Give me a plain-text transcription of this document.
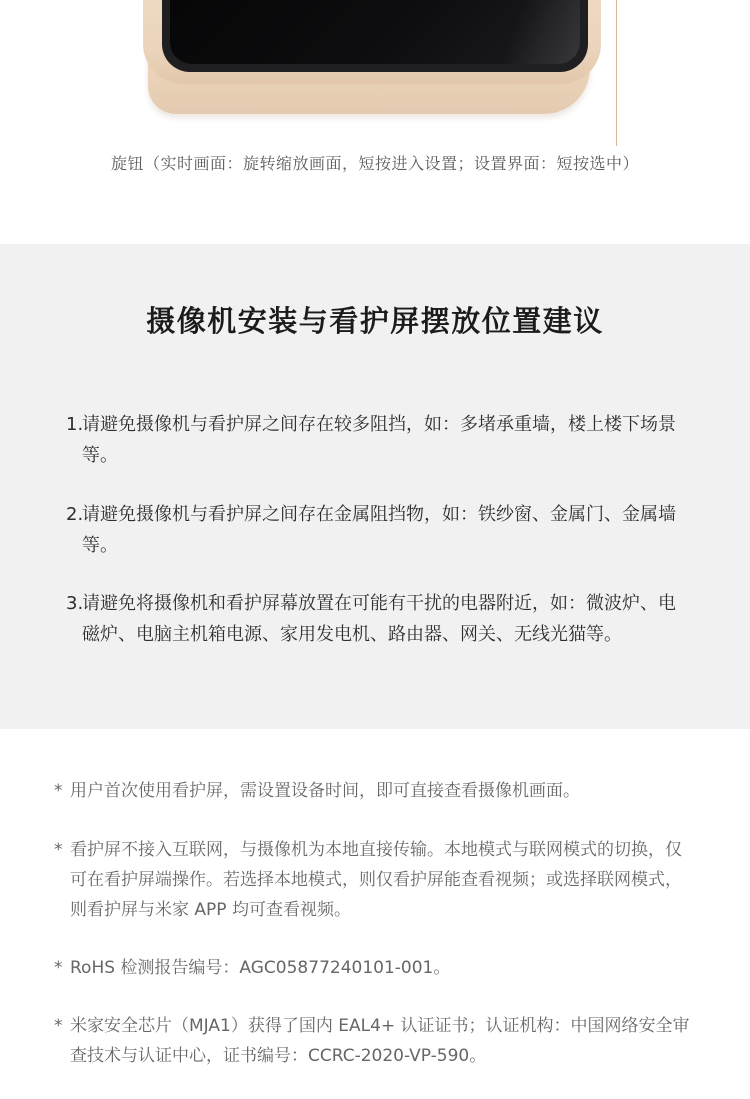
旋钮（实时画面：旋转缩放画面，短按进入设置；设置界面：短按选中）
摄像机安装与看护屏摆放位置建议
1.
请避免摄像机与看护屏之间存在较多阻挡，如：多堵承重墙，楼上楼下场景等。
2.
请避免摄像机与看护屏之间存在金属阻挡物，如：铁纱窗、金属门、金属墙等。
3.
请避免将摄像机和看护屏幕放置在可能有干扰的电器附近，如：微波炉、电磁炉、电脑主机箱电源、家用发电机、路由器、网关、无线光猫等。
* 用户首次使用看护屏，需设置设备时间，即可直接查看摄像机画面。
* 看护屏不接入互联网，与摄像机为本地直接传输。本地模式与联网模式的切换，仅可在看护屏端操作。若选择本地模式，则仅看护屏能查看视频；或选择联网模式，则看护屏与米家 APP 均可查看视频。
* RoHS 检测报告编号：AGC05877240101-001。
* 米家安全芯片（MJA1）获得了国内 EAL4+ 认证证书；认证机构：中国网络安全审查技术与认证中心，证书编号：CCRC-2020-VP-590。
